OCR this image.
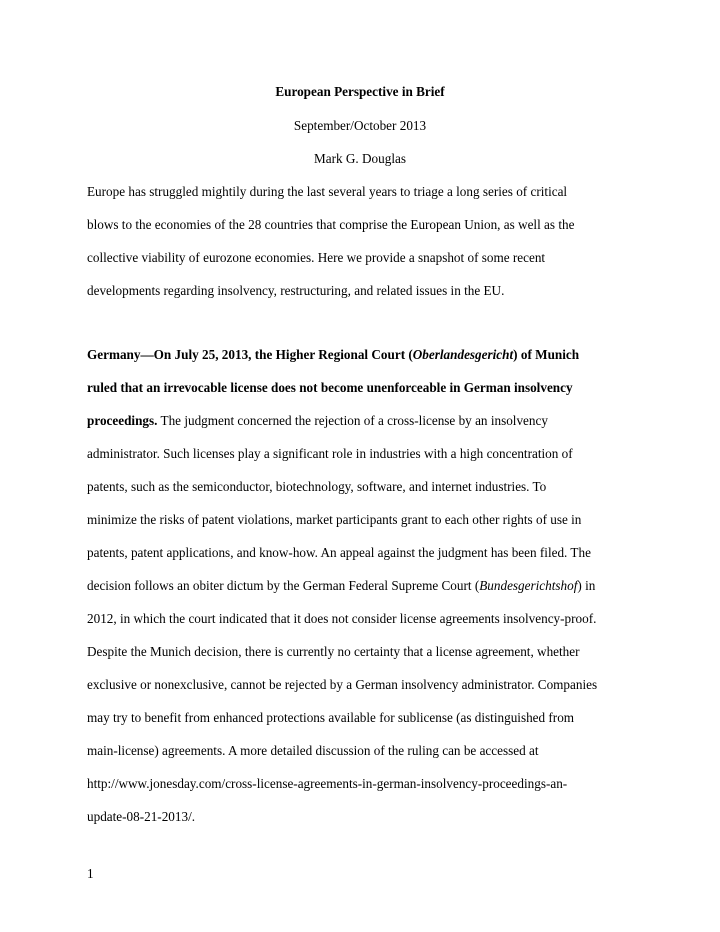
European Perspective in Brief
September/October 2013
Mark G. Douglas
Europe has struggled mightily during the last several years to triage a long series of critical
blows to the economies of the 28 countries that comprise the European Union, as well as the
collective viability of eurozone economies. Here we provide a snapshot of some recent
developments regarding insolvency, restructuring, and related issues in the EU.
Germany—On July 25, 2013, the Higher Regional Court (Oberlandesgericht) of Munich
ruled that an irrevocable license does not become unenforceable in German insolvency
proceedings. The judgment concerned the rejection of a cross-license by an insolvency
administrator. Such licenses play a significant role in industries with a high concentration of
patents, such as the semiconductor, biotechnology, software, and internet industries. To
minimize the risks of patent violations, market participants grant to each other rights of use in
patents, patent applications, and know-how. An appeal against the judgment has been filed. The
decision follows an obiter dictum by the German Federal Supreme Court (Bundesgerichtshof) in
2012, in which the court indicated that it does not consider license agreements insolvency-proof.
Despite the Munich decision, there is currently no certainty that a license agreement, whether
exclusive or nonexclusive, cannot be rejected by a German insolvency administrator. Companies
may try to benefit from enhanced protections available for sublicense (as distinguished from
main-license) agreements. A more detailed discussion of the ruling can be accessed at
http://www.jonesday.com/cross-license-agreements-in-german-insolvency-proceedings-an-
update-08-21-2013/.
1
